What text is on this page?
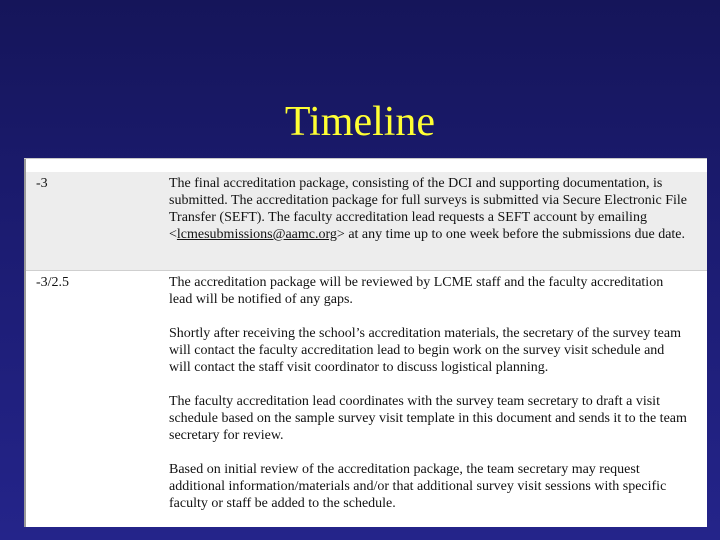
Timeline
-3	The final accreditation package, consisting of the DCI and supporting documentation, is submitted. The accreditation package for full surveys is submitted via Secure Electronic File Transfer (SEFT). The faculty accreditation lead requests a SEFT account by emailing <lcmesubmissions@aamc.org> at any time up to one week before the submissions due date.
-3/2.5	The accreditation package will be reviewed by LCME staff and the faculty accreditation lead will be notified of any gaps.

Shortly after receiving the school’s accreditation materials, the secretary of the survey team will contact the faculty accreditation lead to begin work on the survey visit schedule and will contact the staff visit coordinator to discuss logistical planning.

The faculty accreditation lead coordinates with the survey team secretary to draft a visit schedule based on the sample survey visit template in this document and sends it to the team secretary for review.

Based on initial review of the accreditation package, the team secretary may request additional information/materials and/or that additional survey visit sessions with specific faculty or staff be added to the schedule.
